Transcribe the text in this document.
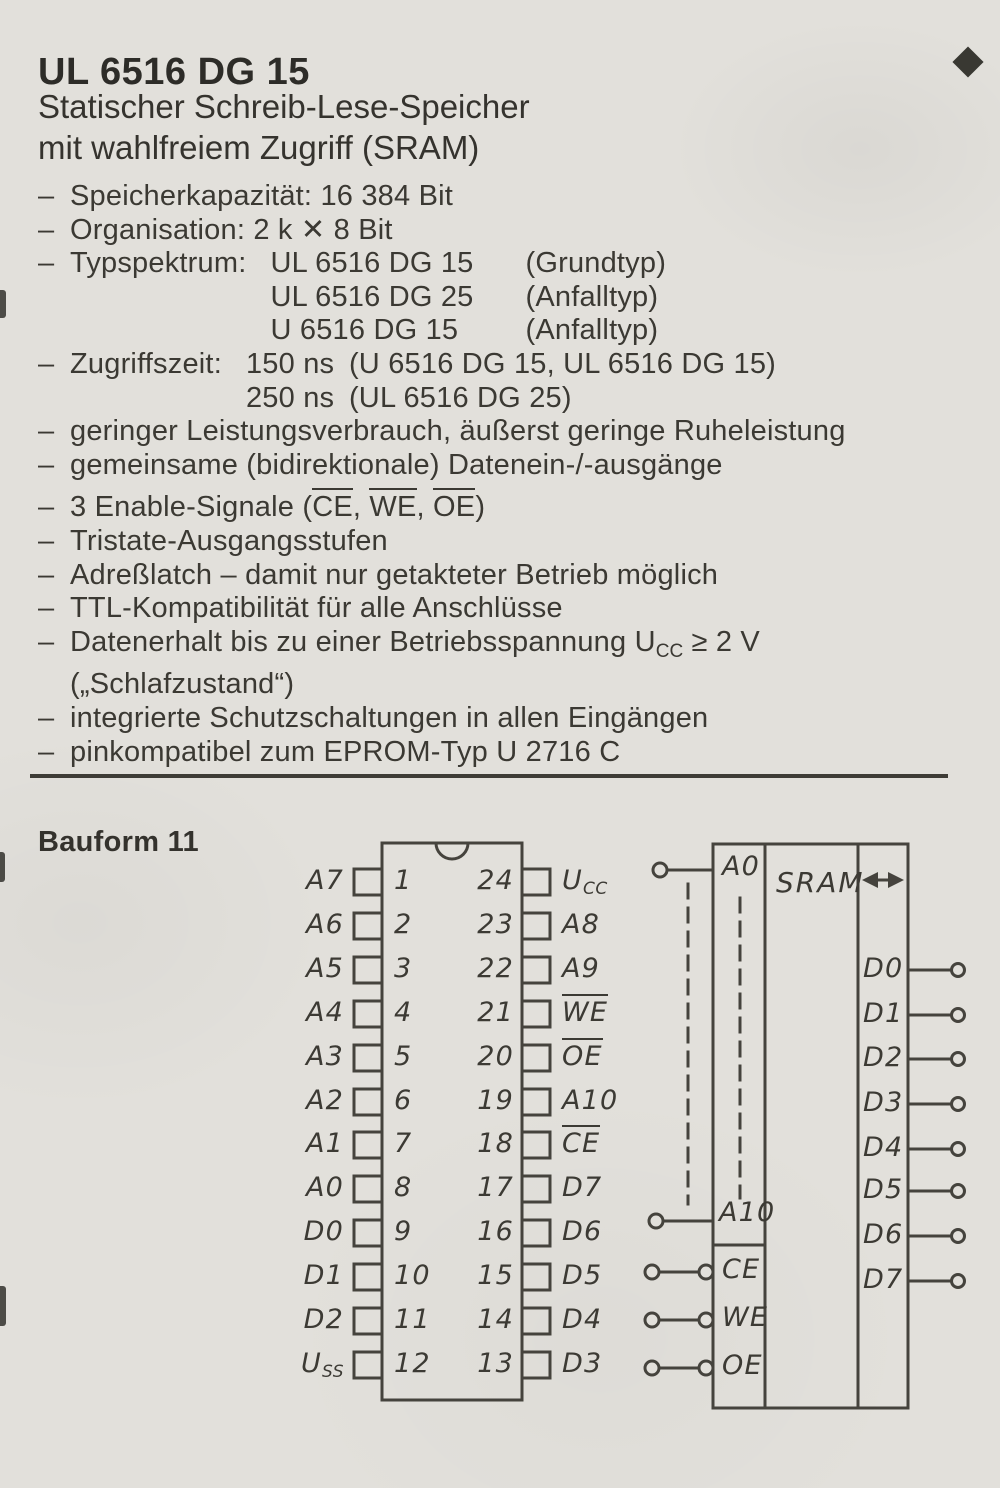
UL 6516 DG 15
Statischer Schreib-Lese-Speicher
mit wahlfreiem Zugriff (SRAM)
– Speicherkapazität: 16 384 Bit
– Organisation: 2 k ✕ 8 Bit
– Typspektrum: UL 6516 DG 15 (Grundtyp)
UL 6516 DG 25 (Anfalltyp)
U 6516 DG 15 (Anfalltyp)
– Zugriffszeit: 150 ns (U 6516 DG 15, UL 6516 DG 15)
250 ns (UL 6516 DG 25)
– geringer Leistungsverbrauch, äußerst geringe Ruheleistung
– gemeinsame (bidirektionale) Datenein-/-ausgänge
– 3 Enable-Signale (CE, WE, OE)
– Tristate-Ausgangsstufen
– Adreßlatch – damit nur getakteter Betrieb möglich
– TTL-Kompatibilität für alle Anschlüsse
– Datenerhalt bis zu einer Betriebsspannung $U_{CC} \ge 2$ V
(„Schlafzustand“)
– integrierte Schutzschaltungen in allen Eingängen
– pinkompatibel zum EPROM-Typ U 2716 C
Bauform 11
A7 1
A6 2
A5 3
A4 4
A3 5
A2 6
A1 7
A0 8
D0 9
D1 10
D2 11
USS 12
24 UCC
23 A8
22 A9
21 WE
20 OE
19 A10
18 CE
17 D7
16 D6
15 D5
14 D4
13 D3
A0
A10
CE
WE
OE
SRAM
D0
D1
D2
D3
D4
D5
D6
D7
